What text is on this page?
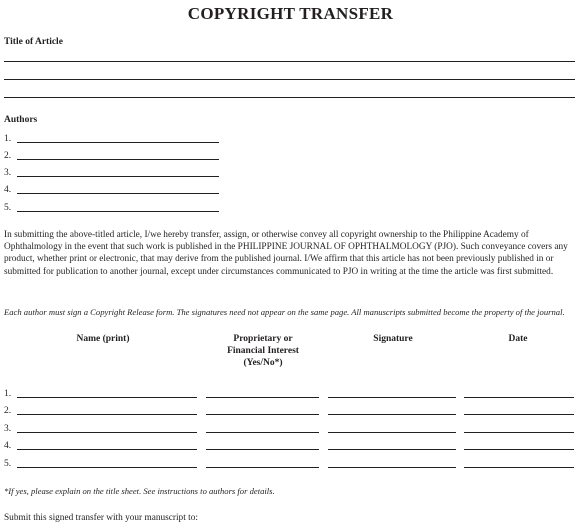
COPYRIGHT TRANSFER
Title of Article
Authors
1.
2.
3.
4.
5.

In submitting the above-titled article, I/we hereby transfer, assign, or otherwise convey all copyright ownership to the Philippine Academy of Ophthalmology in the event that such work is published in the PHILIPPINE JOURNAL OF OPHTHALMOLOGY (PJO). Such conveyance covers any product, whether print or electronic, that may derive from the published journal. I/We affirm that this article has not been previously published in or submitted for publication to another journal, except under circumstances communicated to PJO in writing at the time the article was first submitted.

Each author must sign a Copyright Release form. The signatures need not appear on the same page. All manuscripts submitted become the property of the journal.

Name (print)	Proprietary or Financial Interest (Yes/No*)
Signature	Date
1.
2.
3.
4.
5.

*If yes, please explain on the title sheet. See instructions to authors for details.

Submit this signed transfer with your manuscript to:
